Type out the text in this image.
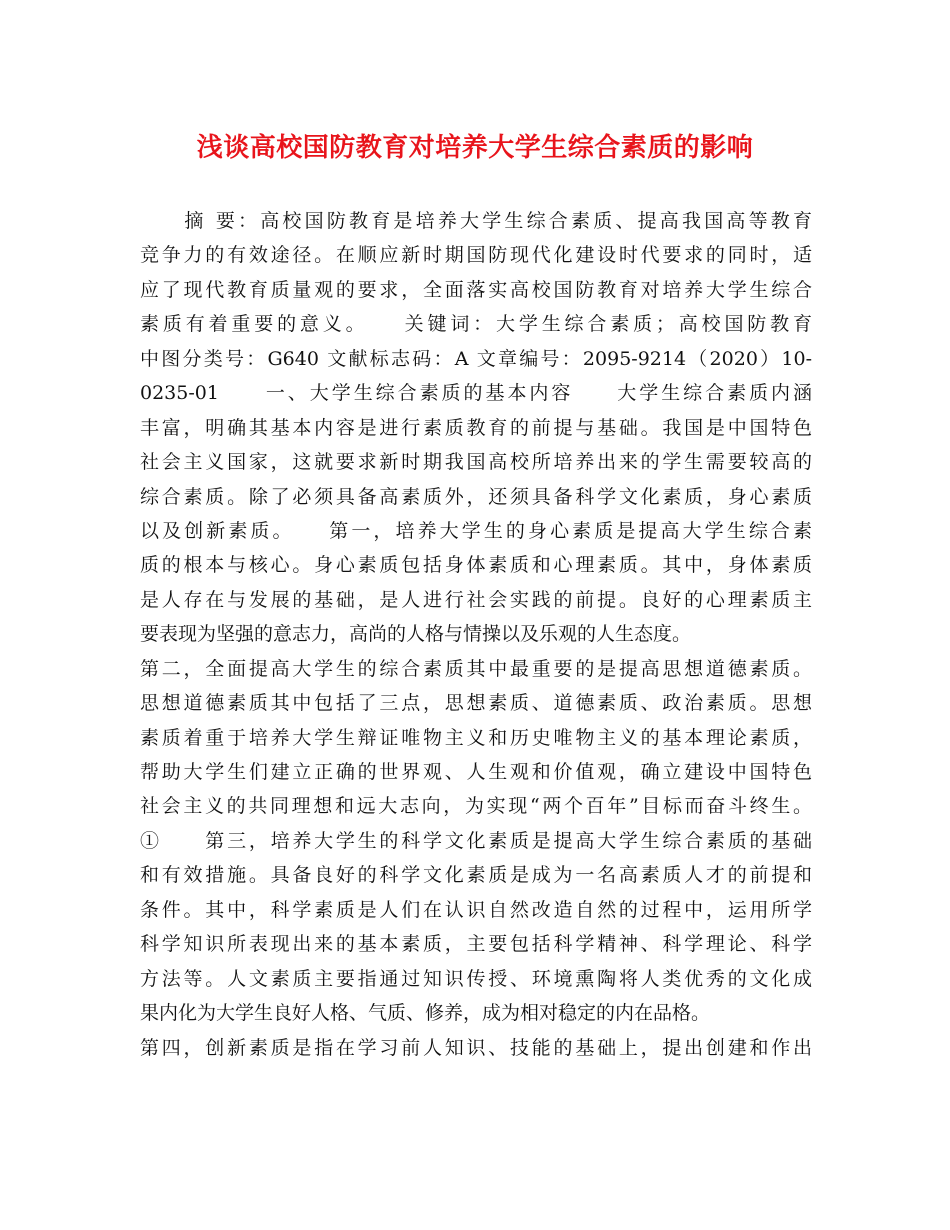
浅谈高校国防教育对培养大学生综合素质的影响
　　摘 要：高校国防教育是培养大学生综合素质、提高我国高等教育
竞争力的有效途径。在顺应新时期国防现代化建设时代要求的同时，适
应了现代教育质量观的要求，全面落实高校国防教育对培养大学生综合
素质有着重要的意义。　　关键词：大学生综合素质；高校国防教育
中图分类号：G640 文献标志码：A 文章编号：2095-9214（2020）10-
0235-01　　一、大学生综合素质的基本内容　　大学生综合素质内涵
丰富，明确其基本内容是进行素质教育的前提与基础。我国是中国特色
社会主义国家，这就要求新时期我国高校所培养出来的学生需要较高的
综合素质。除了必须具备高素质外，还须具备科学文化素质，身心素质
以及创新素质。　　第一，培养大学生的身心素质是提高大学生综合素
质的根本与核心。身心素质包括身体素质和心理素质。其中，身体素质
是人存在与发展的基础，是人进行社会实践的前提。良好的心理素质主
要表现为坚强的意志力，高尚的人格与情操以及乐观的人生态度。
第二，全面提高大学生的综合素质其中最重要的是提高思想道德素质。
思想道德素质其中包括了三点，思想素质、道德素质、政治素质。思想
素质着重于培养大学生辩证唯物主义和历史唯物主义的基本理论素质，
帮助大学生们建立正确的世界观、人生观和价值观，确立建设中国特色
社会主义的共同理想和远大志向，为实现“两个百年”目标而奋斗终生。
①　　第三，培养大学生的科学文化素质是提高大学生综合素质的基础
和有效措施。具备良好的科学文化素质是成为一名高素质人才的前提和
条件。其中，科学素质是人们在认识自然改造自然的过程中，运用所学
科学知识所表现出来的基本素质，主要包括科学精神、科学理论、科学
方法等。人文素质主要指通过知识传授、环境熏陶将人类优秀的文化成
果内化为大学生良好人格、气质、修养，成为相对稳定的内在品格。
第四，创新素质是指在学习前人知识、技能的基础上，提出创建和作出
